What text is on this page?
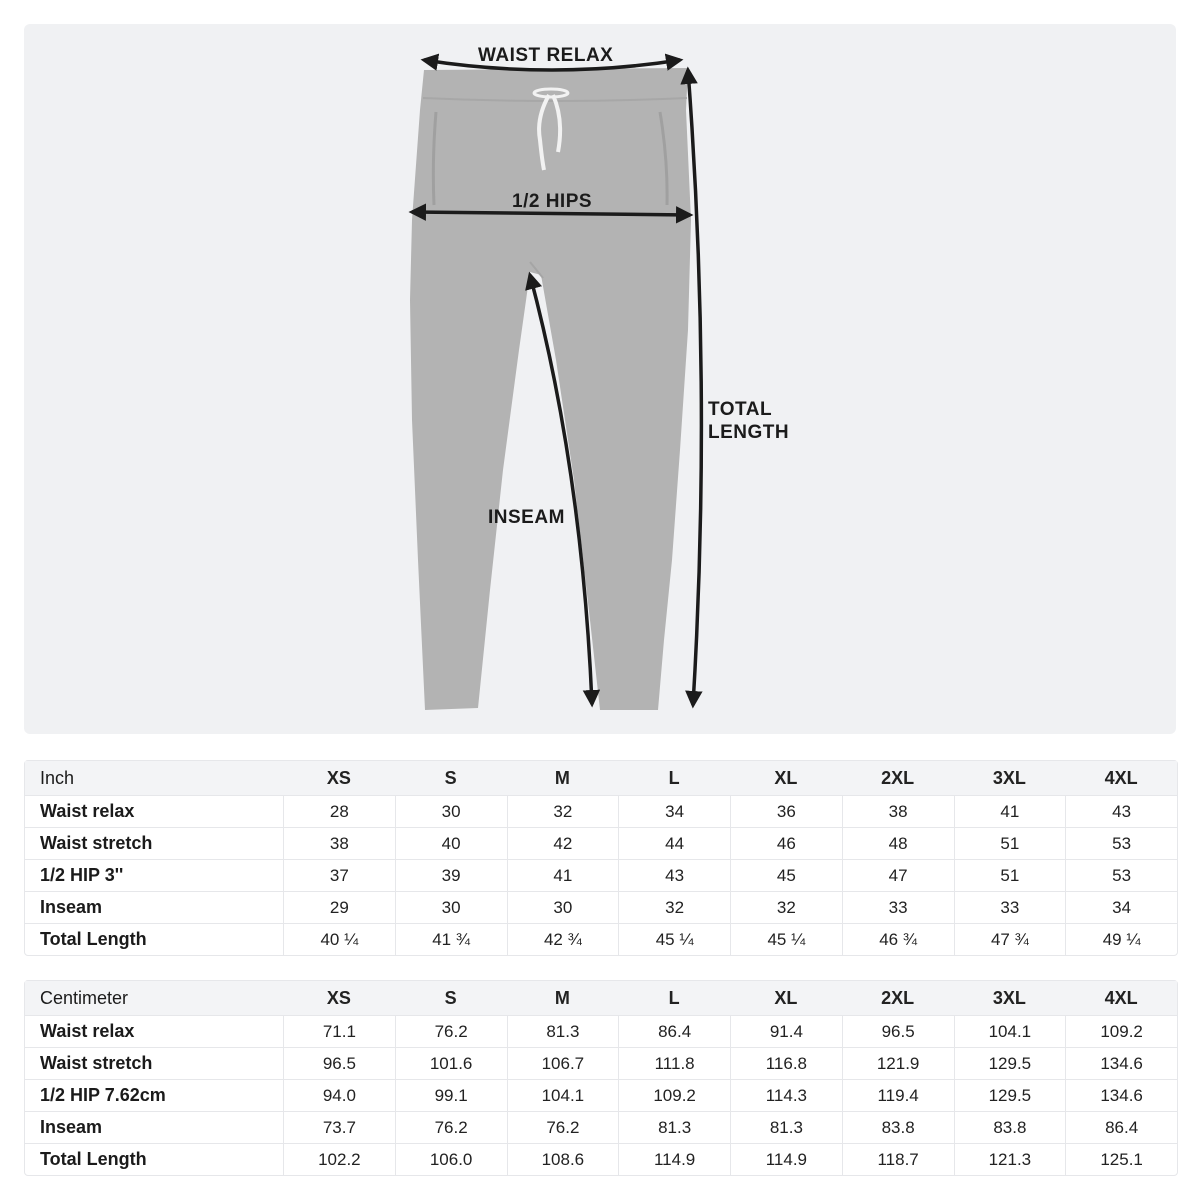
WAIST RELAX
1/2 HIPS
TOTAL
LENGTH
INSEAM
Inch	XS	S	M	L	XL	2XL	3XL	4XL
Waist relax	28	30	32	34	36	38	41	43
Waist stretch	38	40	42	44	46	48	51	53
1/2 HIP 3''	37	39	41	43	45	47	51	53
Inseam	29	30	30	32	32	33	33	34
Total Length	40 ¼	41 ¾	42 ¾	45 ¼	45 ¼	46 ¾	47 ¾	49 ¼
Centimeter	XS	S	M	L	XL	2XL	3XL	4XL
Waist relax	71.1	76.2	81.3	86.4	91.4	96.5	104.1	109.2
Waist stretch	96.5	101.6	106.7	111.8	116.8	121.9	129.5	134.6
1/2 HIP 7.62cm	94.0	99.1	104.1	109.2	114.3	119.4	129.5	134.6
Inseam	73.7	76.2	76.2	81.3	81.3	83.8	83.8	86.4
Total Length	102.2	106.0	108.6	114.9	114.9	118.7	121.3	125.1
